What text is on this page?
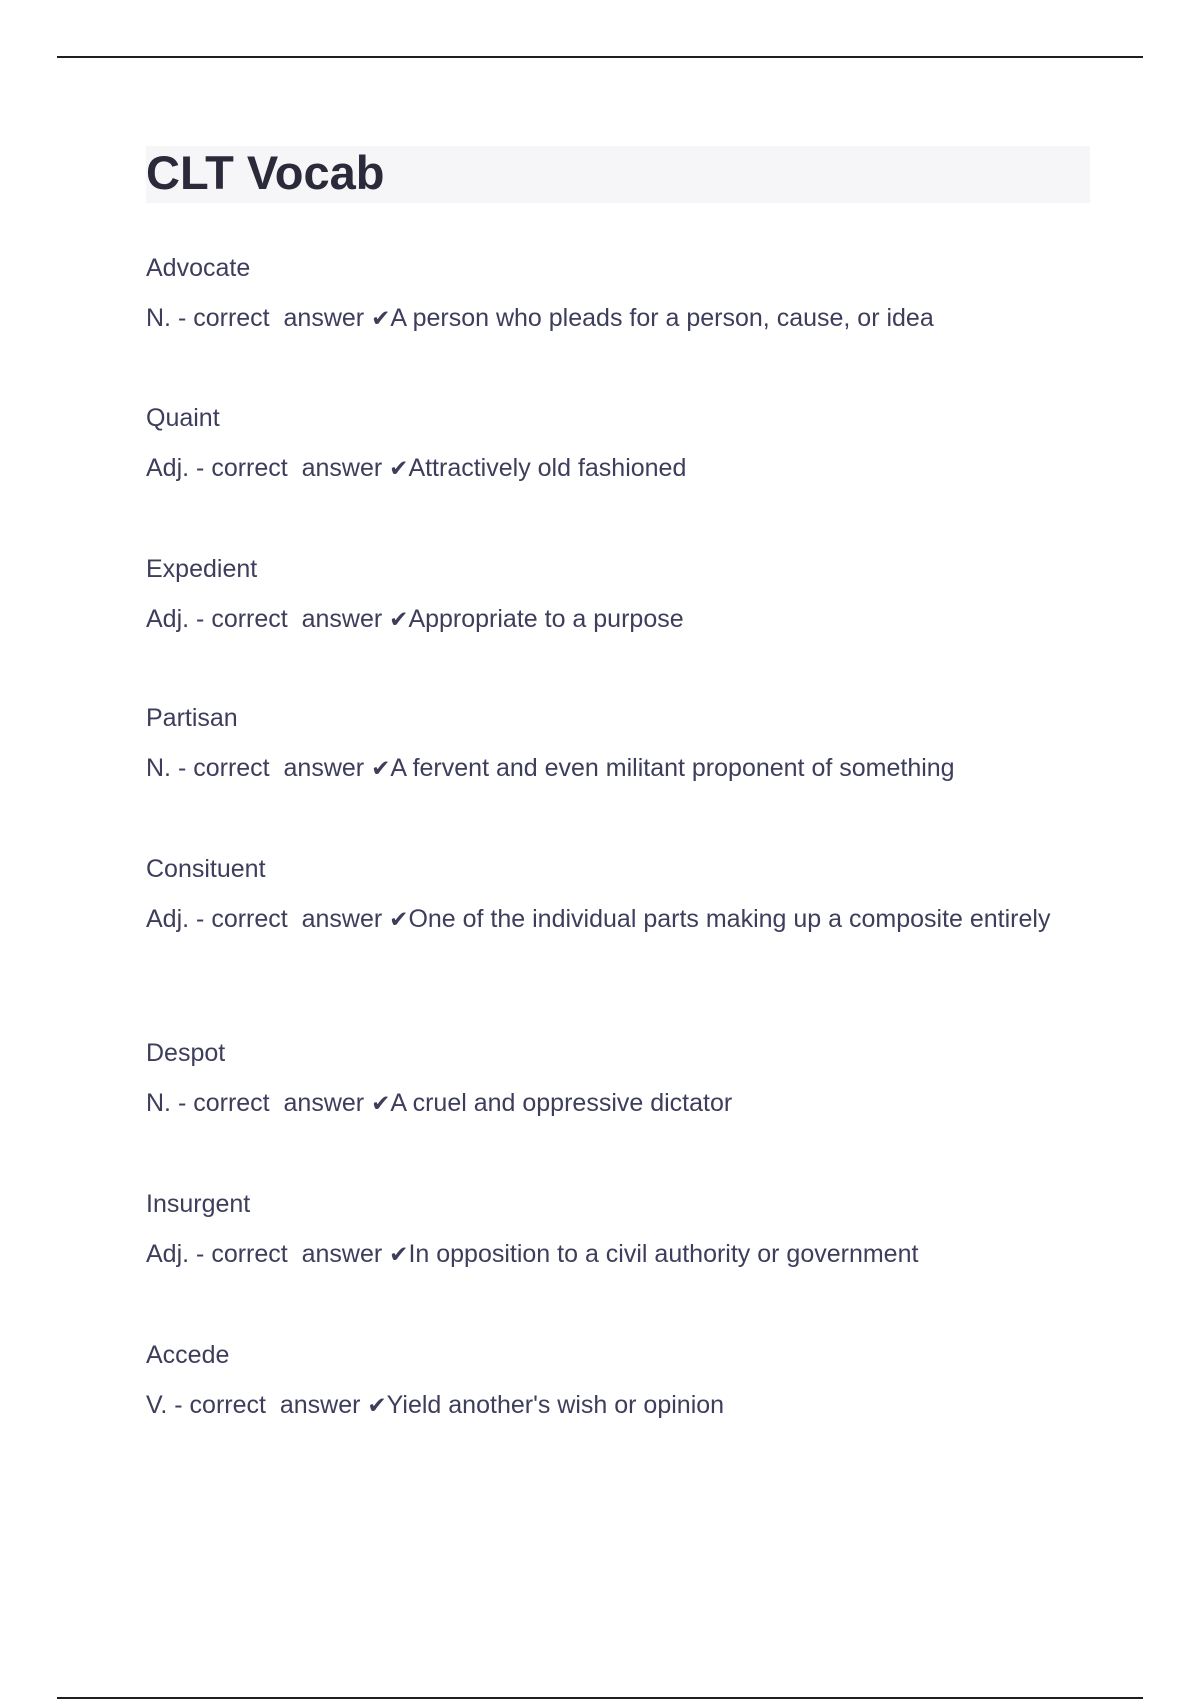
CLT Vocab
Advocate
N. - correct  answer ✔A person who pleads for a person, cause, or idea
Quaint
Adj. - correct  answer ✔Attractively old fashioned
Expedient
Adj. - correct  answer ✔Appropriate to a purpose
Partisan
N. - correct  answer ✔A fervent and even militant proponent of something
Consituent
Adj. - correct  answer ✔One of the individual parts making up a composite entirely
Despot
N. - correct  answer ✔A cruel and oppressive dictator
Insurgent
Adj. - correct  answer ✔In opposition to a civil authority or government
Accede
V. - correct  answer ✔Yield another's wish or opinion
